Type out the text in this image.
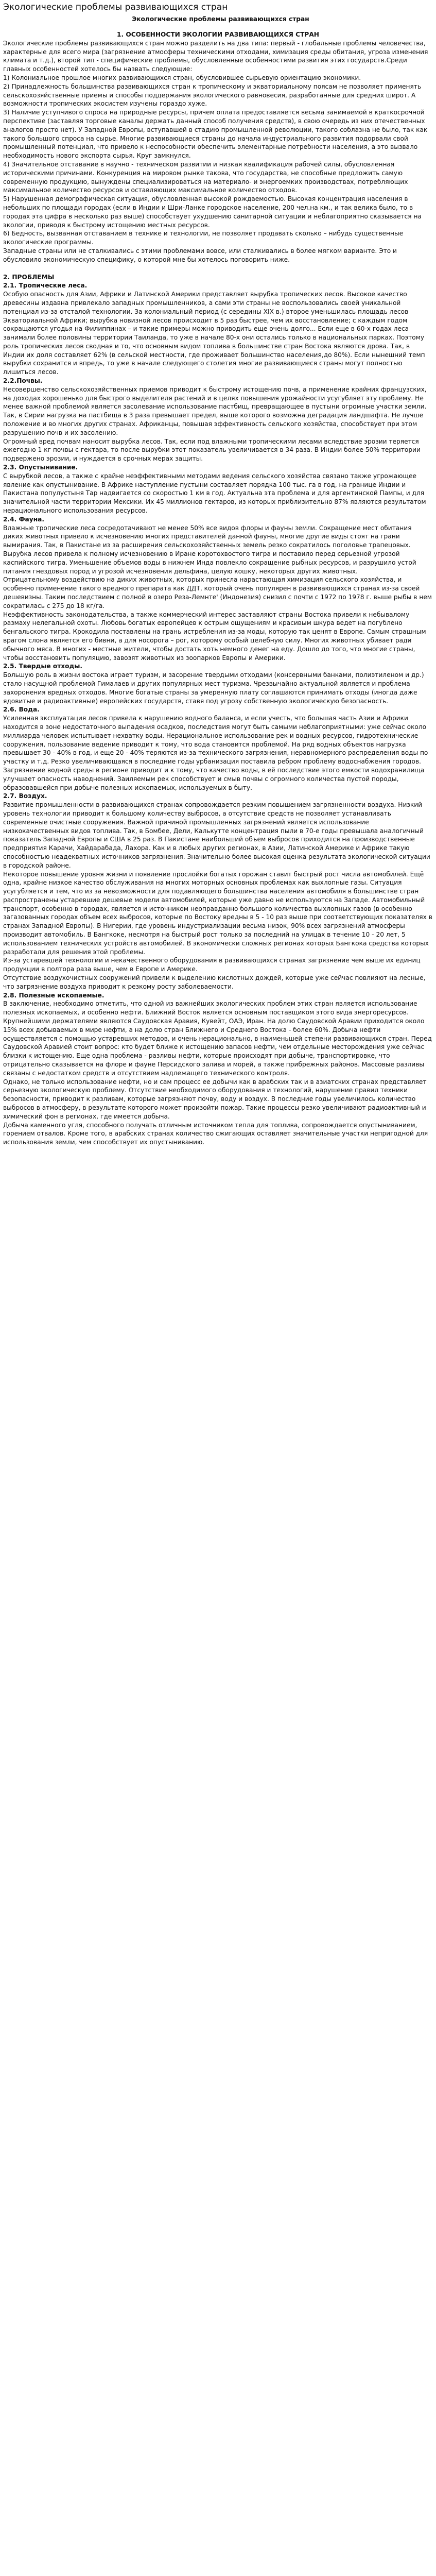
Экологические проблемы развивающихся стран
Экологические проблемы развивающихся стран
1. ОСОБЕННОСТИ ЭКОЛОГИИ РАЗВИВАЮЩИХСЯ СТРАН

Экологические проблемы развивающихся стран можно разделить на два типа: первый - глобальные проблемы человечества, характерные для всего мира (загрязнение атмосферы техническими отходами, химизация среды обитания, угроза изменения климата и т.д.), второй тип - специфические проблемы, обусловленные особенностями развития этих государств.Среди главных особенностей хотелось бы назвать следующие:

1) Колониальное прошлое многих развивающихся стран, обусловившее сырьевую ориентацию экономики.

2) Принадлежность большинства развивающихся стран к тропическому и экваториальному поясам не позволяет применять сельскохозяйственные приемы и способы поддержания экологического равновесия, разработанные для средних широт. А возможности тропических экосистем изучены гораздо хуже.

3) Наличие уступчивого спроса на природные ресурсы, причем оплата предоставляется весьма занимаемой в краткосрочной перспективе (заставляя торговые каналы держать данный способ получения средств), в свою очередь из них отечественных аналогов просто нет). У Западной Европы, вступавшей в стадию промышленной революции, такого соблазна не было, так как такого большого спроса на сырье. Многие развивающиеся страны до начала индустриального развития подорвали свой промышленный потенциал, что привело к неспособности обеспечить элементарные потребности населения, а это вызвало необходимость нового экспорта сырья. Круг замкнулся.

4) Значительное отставание в научно - техническом развитии и низкая квалификация рабочей силы, обусловленная историческими причинами. Конкуренция на мировом рынке такова, что государства, не способные предложить самую современную продукцию, вынуждены специализироваться на материало- и энергоемких производствах, потребляющих максимальное количество ресурсов и оставляющих максимальное количество отходов.

5) Нарушенная демографическая ситуация, обусловленная высокой рождаемостью. Высокая концентрация населения в небольших по площади городах (если в Индии и Шри-Ланке городское население, 200 чел.на км., и так велика было, то в городах эта цифра в несколько раз выше) способствует ухудшению санитарной ситуации и неблагоприятно сказывается на экологии, приводя к быстрому истощению местных ресурсов.

6) Бедность, вызванная отставанием в технике и технологии, не позволяет продавать сколько – нибудь существенные экологические программы.

Западные страны или не сталкивались с этими проблемами вовсе, или сталкивались в более мягком варианте. Это и обусловило экономическую специфику, о которой мне бы хотелось поговорить ниже.

2. ПРОБЛЕМЫ
2.1. Тропические леса.

Особую опасность для Азии, Африки и Латинской Америки представляет вырубка тропических лесов. Высокое качество древесины издавна привлекало западных промышленников, а сами эти страны не воспользовались своей уникальной потенциал из-за отсталой технологии. За колониальный период (с середины XIX в.) второе уменьшилась площадь лесов Экваториальной Африки; вырубка новизной лесов происходит в 5 раз быстрее, чем их восстановление; с каждым годом сокращаются угодья на Филиппинах – и такие примеры можно приводить еще очень долго... Если еще в 60-х годах леса занимали более половины территории Таиланда, то уже в начале 80-х они остались только в национальных парках. Поэтому роль тропических лесов сводная и то, что основным видом топлива в большинстве стран Востока являются дрова. Так, в Индии их доля составляет 62% (в сельской местности, где проживает большинство населения,до 80%). Если нынешний темп вырубки сохранится и впредь, то уже в начале следующего столетия многие развивающиеся страны могут полностью лишиться лесов.

2.2.Почвы.

Несовершенство сельскохозяйственных приемов приводит к быстрому истощению почв, а применение крайних французских, на доходах хорошенько для быстрого выделителя растений и в целях повышения урожайности усугубляет эту проблему. Не менее важной проблемой является засолевание использование пастбищ, превращающее в пустыни огромные участки земли. Так, в Сирии нагрузка на пастбища в 3 раза превышает предел, выше которого возможна деградация ландшафта. Не лучше положение и во многих других странах. Африканцы, повышая эффективность сельского хозяйства, способствует при этом разрушению почв и их засолению.

Огромный вред почвам наносит вырубка лесов. Так, если под влажными тропическими лесами вследствие эрозии теряется ежегодно 1 кг почвы с гектара, то после вырубки этот показатель увеличивается в 34 раза. В Индии более 50% территории подвержено эрозии, и нуждается в срочных мерах защиты.

2.3. Опустынивание.

С вырубкой лесов, а также с крайне неэффективными методами ведения сельского хозяйства связано также угрожающее явление как опустынивание. В Африке наступление пустыни составляет порядка 100 тыс. га в год, на границе Индии и Пакистана популустыня Тар надвигается со скоростью 1 км в год. Актуальна эта проблема и для аргентинской Пампы, и для значительной части территории Мексики. Их 45 миллионов гектаров, из которых приблизительно 87% являются результатом нерационального использования ресурсов.

2.4. Фауна.

Влажные тропические леса сосредотачивают не менее 50% все видов флоры и фауны земли. Сокращение мест обитания диких животных привело к исчезновению многих представителей данной фауны, многие другие виды стоят на грани вымирания. Так, в Пакистане из за расширения сельскохозяйственных земель резко сократилось поголовье трапецовых. Вырубка лесов привела к полному исчезновению в Иране коротохвостого тигра и поставило перед серьезной угрозой каспийского тигра. Уменьшение объемов воды в нижнем Инда повлекло сокращение рыбных ресурсов, и разрушило устой питания гнездовых пород и угрозой исчезновения дельфина, целую кошку, некоторых других животных.

Отрицательному воздействию на диких животных, которых принесла нарастающая химизация сельского хозяйства, и особенно применение такого вредного препарата как ДДТ, который очень популярен в развивающихся странах из-за своей дешевизны. Таким последствием с полной в озеро Реза-Лемнте' (Индонезия) снизил с почти с 1972 по 1978 г. выше рыбы в нем сократилась с 275 до 18 кг/га.

Неэффективность законодательства, а также коммерческий интерес заставляют страны Востока привели к небывалому размаху нелегальной охоты. Любовь богатых европейцев к острым ощущениям и красивым шкура ведет на погублено бенгальского тигра. Крокодила поставлены на грань истребления из-за моды, которую так ценят в Европе. Самым страшным врагом слона является его бивни, а для носорога – рог, которому особый целебную силу. Многих животных убивает ради обычного мяса. В многих - местные жители, чтобы достать хоть немного денег на еду. Дошло до того, что многие страны, чтобы восстановить популяцию, завозят животных из зоопарков Европы и Америки.

2.5. Твердые отходы.

Большую роль в жизни востока играет туризм, и засорение твердыми отходами (консервными банками, полиэтиленом и др.) стало насущной проблемой Гималаев и других популярных мест туризма. Чрезвычайно актуальной является и проблема захоронения вредных отходов. Многие богатые страны за умеренную плату соглашаются принимать отходы (иногда даже ядовитые и радиоактивные) европейских государств, ставя под угрозу собственную экологическую безопасность.

2.6. Вода.

Усиленная эксплуатация лесов привела к нарушению водного баланса, и если учесть, что большая часть Азии и Африки находится в зоне недостаточного выпадения осадков, последствия могут быть самыми неблагоприятными: уже сейчас около миллиарда человек испытывает нехватку воды. Нерациональное использование рек и водных ресурсов, гидротехнические сооружения, пользование ведение приводит к тому, что вода становится проблемой. На ряд водных объектов нагрузка превышает 30 - 40% в год, и еще 20 - 40% теряются из-за технического загрязнения, неравномерного распределения воды по участку и т.д. Резко увеличивающаяся в последние годы урбанизация поставила ребром проблему водоснабжения городов.

Загрязнение водной среды в регионе приводит и к тому, что качество воды, в её последствие этого емкости водохранилища улучшает опасность наводнений. Заиляемым рек способствует и смыв почвы с огромного количества пустой породы, образовавшейся при добыче полезных ископаемых, используемых в быту.

2.7. Воздух.

Развитие промышленности в развивающихся странах сопровождается резким повышением загрязненности воздуха. Низкий уровень технологии приводит к большому количеству выбросов, а отсутствие средств не позволяет устанавливать современные очистные сооружения. Важной причиной промышленных загрязнений является использование низкокачественных видов топлива. Так, в Бомбее, Дели, Калькутте концентрация пыли в 70-е годы превышала аналогичный показатель Западной Европы и США в 25 раз. В Пакистане наибольший объем выбросов приходится на производственные предприятия Карачи, Хайдарабада, Лахора. Как и в любых других регионах, в Азии, Латинской Америке и Африке такую способностью неадекватных источников загрязнения. Значительно более высокая оценка результата экологической ситуации в городской районе.

Некоторое повышение уровня жизни и появление прослойки богатых горожан ставит быстрый рост числа автомобилей. Ещё одна, крайне низкое качество обслуживания на многих моторных основных проблемах как выхлопные газы. Ситуация усугубляется и тем, что из за невозможности для подавляющего большинства населения автомобиля в большинстве стран распространены устаревшие дешевые модели автомобилей, которые уже давно не используются на Западе. Автомобильный транспорт, особенно в городах, является и источником неоправданно большого количества выхлопных газов (в особенно загазованных городах объем всех выбросов, которые по Востоку вредны в 5 - 10 раз выше при соответствующих показателях в странах Западной Европы). В Нигерии, где уровень индустриализации весьма низок, 90% всех загрязнений атмосферы производит автомобиль. В Бангкоке, несмотря на быстрый рост только за последний на улицах в течение 10 - 20 лет, 5 использованием технических устройств автомобилей. В экономически сложных регионах которых Бангкока средства которых разработали для решения этой проблемы.

Из-за устаревшей технологии и некачественного оборудования в развивающихся странах загрязнение чем выше их единиц продукции в полтора раза выше, чем в Европе и Америке.

Отсутствие воздухочистных сооружений привели к выделению кислотных дождей, которые уже сейчас повлияют на лесные, что загрязнение воздуха приводит к резкому росту заболеваемости.

2.8. Полезные ископаемые.

В заключение, необходимо отметить, что одной из важнейших экологических проблем этих стран является использование полезных ископаемых, и особенно нефти. Ближний Восток является основным поставщиком этого вида энергоресурсов. Крупнейшими держателями являются Саудовская Аравия, Кувейт, ОАЭ, Иран. На долю Саудовской Аравии приходится около 15% всех добываемых в мире нефти, а на долю стран Ближнего и Среднего Востока - более 60%. Добыча нефти осуществляется с помощью устаревших методов, и очень нерационально, в наименьшей степени развивающихся стран. Перед Саудовской Аравией стоит вопрос: кто будет ближе к истощению запасов нефти, чем отдельные месторождения уже сейчас близки к истощению. Еще одна проблема - разливы нефти, которые происходят при добыче, транспортировке, что отрицательно сказывается на флоре и фауне Персидского залива и морей, а также прибрежных районов. Массовые разливы связаны с недостатком средств и отсутствием надлежащего технического контроля.

Однако, не только использование нефти, но и сам процесс ее добычи как в арабских так и в азиатских странах представляет серьезную экологическую проблему. Отсутствие необходимого оборудования и технологий, нарушение правил техники безопасности, приводит к разливам, которые загрязняют почву, воду и воздух. В последние годы увеличилось количество выбросов в атмосферу, в результате которого может произойти пожар. Такие процессы резко увеличивают радиоактивный и химический фон в регионах, где имеется добыча.

Добыча каменного угля, способного получать отличным источником тепла для топлива, сопровождается опустыниванием, горением отвалов. Кроме того, в арабских странах количество сжигающих оставляет значительные участки непригодной для использования земли, чем способствует их опустыниванию.
